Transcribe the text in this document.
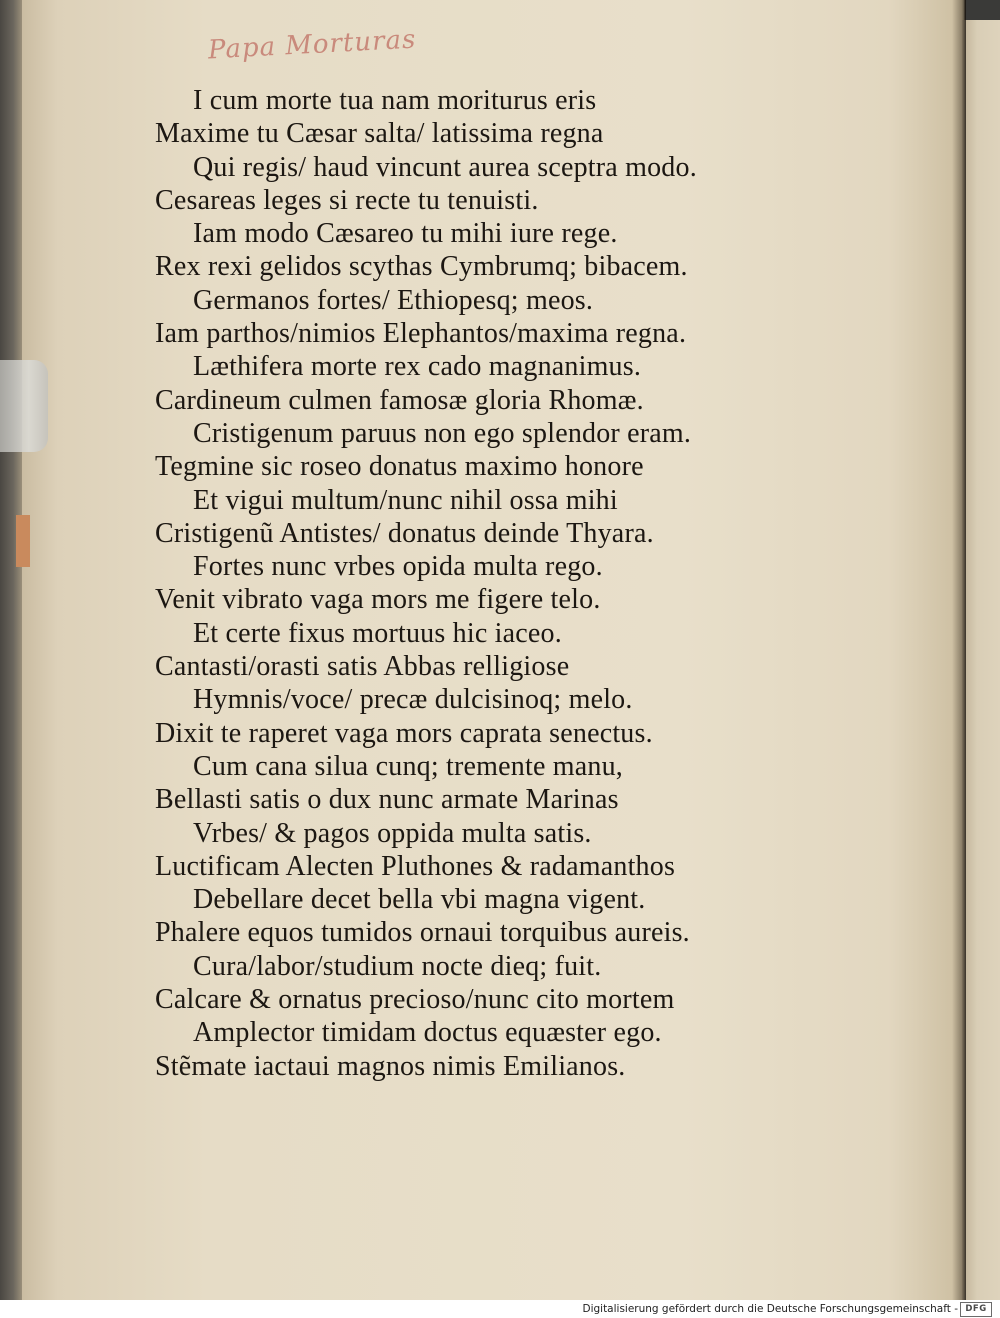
Papa Morturas
I cum morte tua nam moriturus eris
Maxime tu Cæsar salta/ latissima regna
Qui regis/ haud vincunt aurea sceptra modo.
Cesareas leges si recte tu tenuisti.
Iam modo Cæsareo tu mihi iure rege.
Rex rexi gelidos scythas Cymbrumq; bibacem.
Germanos fortes/ Ethiopesq; meos.
Iam parthos/nimios Elephantos/maxima regna.
Læthifera morte rex cado magnanimus.
Cardineum culmen famosæ gloria Rhomæ.
Cristigenum paruus non ego splendor eram.
Tegmine sic roseo donatus maximo honore
Et vigui multum/nunc nihil ossa mihi
Cristigenũ Antistes/ donatus deinde Thyara.
Fortes nunc vrbes opida multa rego.
Venit vibrato vaga mors me figere telo.
Et certe fixus mortuus hic iaceo.
Cantasti/orasti satis Abbas relligiose
Hymnis/voce/ precæ dulcisinoq; melo.
Dixit te raperet vaga mors caprata senectus.
Cum cana silua cunq; tremente manu,
Bellasti satis o dux nunc armate Marinas
Vrbes/ & pagos oppida multa satis.
Luctificam Alecten Pluthones & radamanthos
Debellare decet bella vbi magna vigent.
Phalere equos tumidos ornaui torquibus aureis.
Cura/labor/studium nocte dieq; fuit.
Calcare & ornatus precioso/nunc cito mortem
Amplector timidam doctus equæster ego.
Stẽmate iactaui magnos nimis Emilianos.
Digitalisierung gefördert durch die Deutsche Forschungsgemeinschaft - DFG
